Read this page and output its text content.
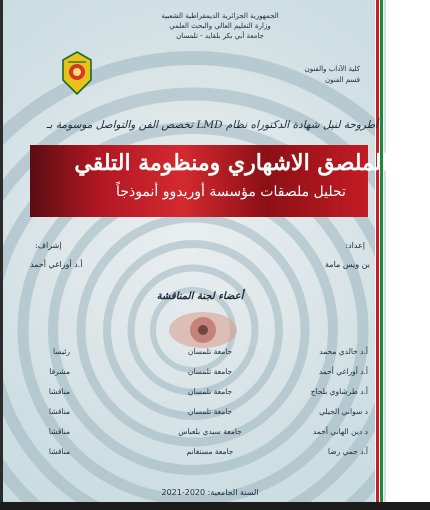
الجمهورية الجزائرية الديمقراطية الشعبية
وزارة التعليم العالي والبحث العلمي
جامعة أبي بكر بلقايد - تلمسان
كلية الآداب والفنون
قسم الفنون
أطروحة لنيل شهادة الدكتوراه نظام LMD تخصص الفن والتواصل موسومة بـ
الملصق الاشهاري ومنظومة التلقي
تحليل ملصقات مؤسسة أوريدوو أنموذجاً
إعداد:
بن ويس مامة
إشراف:
أ.د أوراغي أحمد
أعضاء لجنة المناقشة
أ.د خالدي محمد
جامعة تلمسان
رئيسا
أ.د أوراغي أحمد
جامعة تلمسان
مشرفا
أ.د طرشاوي بلحاج
جامعة تلمسان
مناقشا
د سواني الجيلي
جامعة تلمسان
مناقشا
د دين الهاني أحمد
جامعة سيدي بلعباس
مناقشا
أ.د جمي رضا
جامعة مستغانم
مناقشا
السنة الجامعية: 2020-2021
